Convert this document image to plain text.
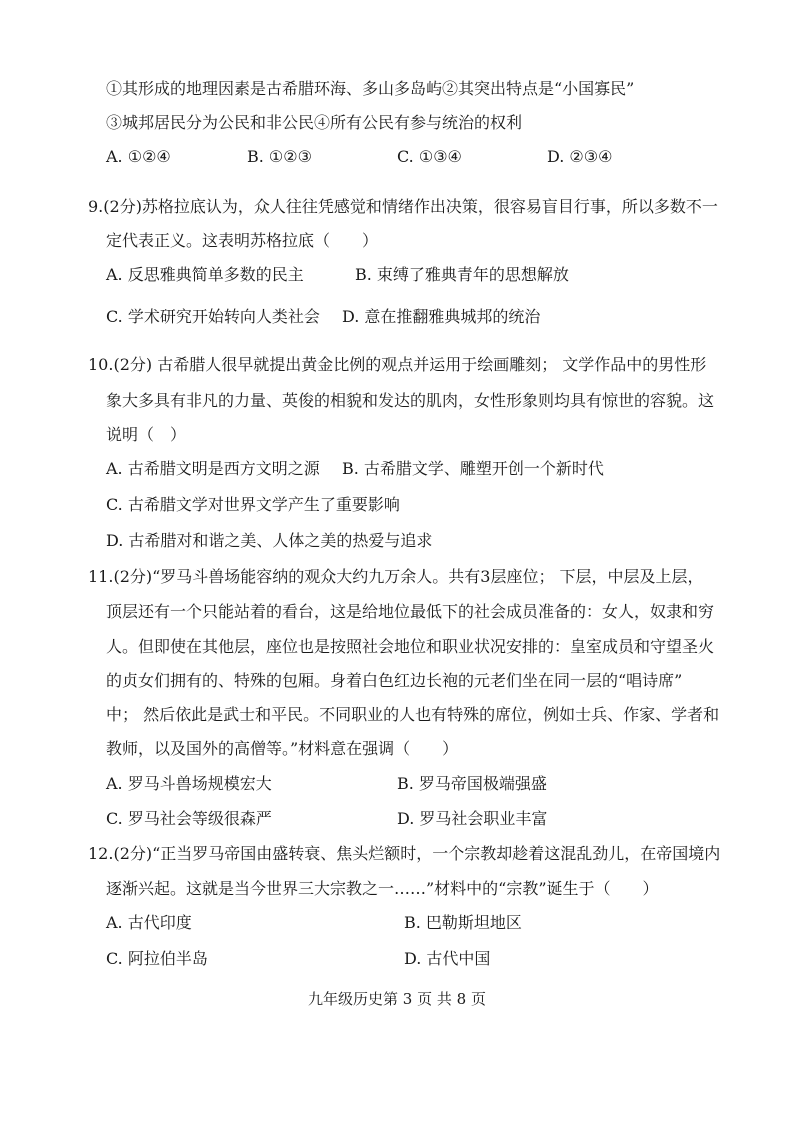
①其形成的地理因素是古希腊环海、多山多岛屿②其突出特点是“小国寡民”
③城邦居民分为公民和非公民④所有公民有参与统治的权利
A. ①②④	B. ①②③	C. ①③④	D. ②③④
9.(2分)苏格拉底认为，众人往往凭感觉和情绪作出决策，很容易盲目行事，所以多数不一
定代表正义。这表明苏格拉底（　　）
A. 反思雅典简单多数的民主	B. 束缚了雅典青年的思想解放
C. 学术研究开始转向人类社会 D. 意在推翻雅典城邦的统治
10.(2分) 古希腊人很早就提出黄金比例的观点并运用于绘画雕刻； 文学作品中的男性形
象大多具有非凡的力量、英俊的相貌和发达的肌肉，女性形象则均具有惊世的容貌。这
说明（　）
A. 古希腊文明是西方文明之源 B. 古希腊文学、雕塑开创一个新时代
C. 古希腊文学对世界文学产生了重要影响
D. 古希腊对和谐之美、人体之美的热爱与追求
11.(2分)“罗马斗兽场能容纳的观众大约九万余人。共有3层座位； 下层，中层及上层，
顶层还有一个只能站着的看台，这是给地位最低下的社会成员准备的：女人，奴隶和穷
人。但即使在其他层，座位也是按照社会地位和职业状况安排的：皇室成员和守望圣火
的贞女们拥有的、特殊的包厢。身着白色红边长袍的元老们坐在同一层的“唱诗席”
中； 然后依此是武士和平民。不同职业的人也有特殊的席位，例如士兵、作家、学者和
教师，以及国外的高僧等。”材料意在强调（　　）
A. 罗马斗兽场规模宏大	B. 罗马帝国极端强盛
C. 罗马社会等级很森严	D. 罗马社会职业丰富
12.(2分)“正当罗马帝国由盛转衰、焦头烂额时，一个宗教却趁着这混乱劲儿，在帝国境内
逐渐兴起。这就是当今世界三大宗教之一……”材料中的“宗教”诞生于（　　）
A. 古代印度	B. 巴勒斯坦地区
C. 阿拉伯半岛	D. 古代中国
九年级历史第 3 页 共 8 页
